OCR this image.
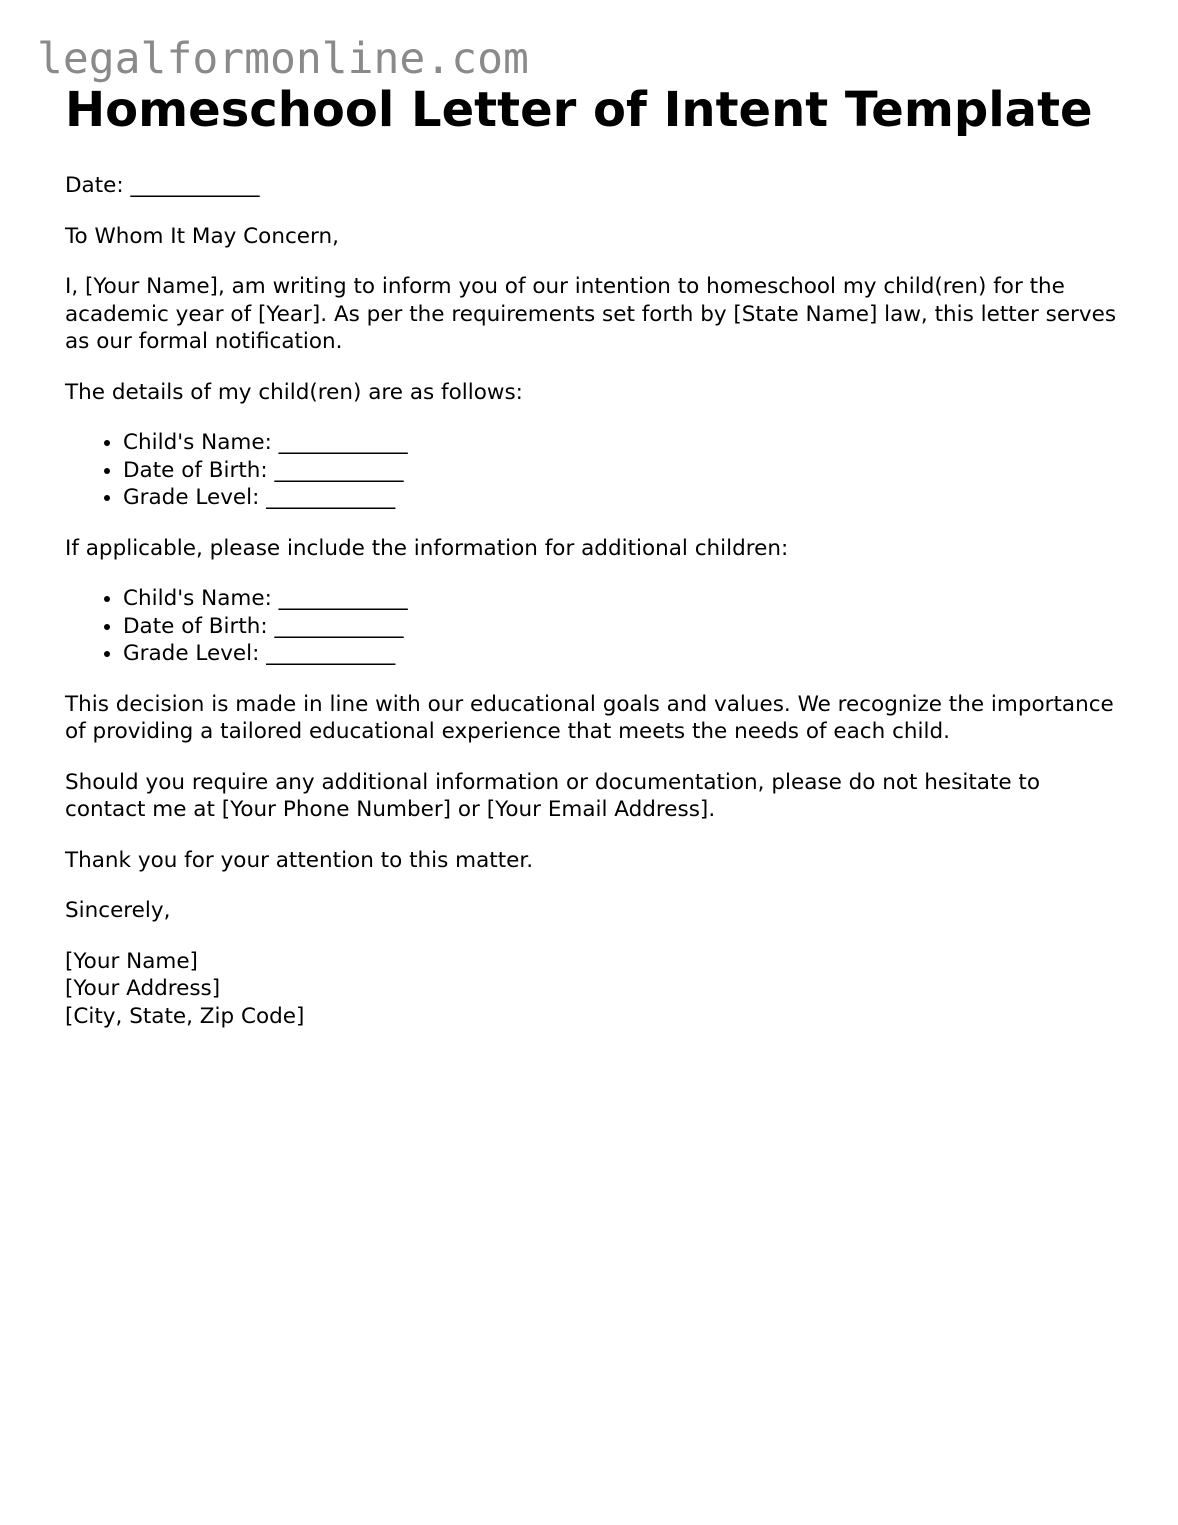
legalformonline.com
Homeschool Letter of Intent Template

Date: ____________

To Whom It May Concern,

I, [Your Name], am writing to inform you of our intention to homeschool my child(ren) for the academic year of [Year]. As per the requirements set forth by [State Name] law, this letter serves as our formal notification.

The details of my child(ren) are as follows:

• Child's Name: ____________
• Date of Birth: ____________
• Grade Level: ____________

If applicable, please include the information for additional children:

• Child's Name: ____________
• Date of Birth: ____________
• Grade Level: ____________

This decision is made in line with our educational goals and values. We recognize the importance of providing a tailored educational experience that meets the needs of each child.

Should you require any additional information or documentation, please do not hesitate to contact me at [Your Phone Number] or [Your Email Address].

Thank you for your attention to this matter.

Sincerely,

[Your Name]
[Your Address]
[City, State, Zip Code]
